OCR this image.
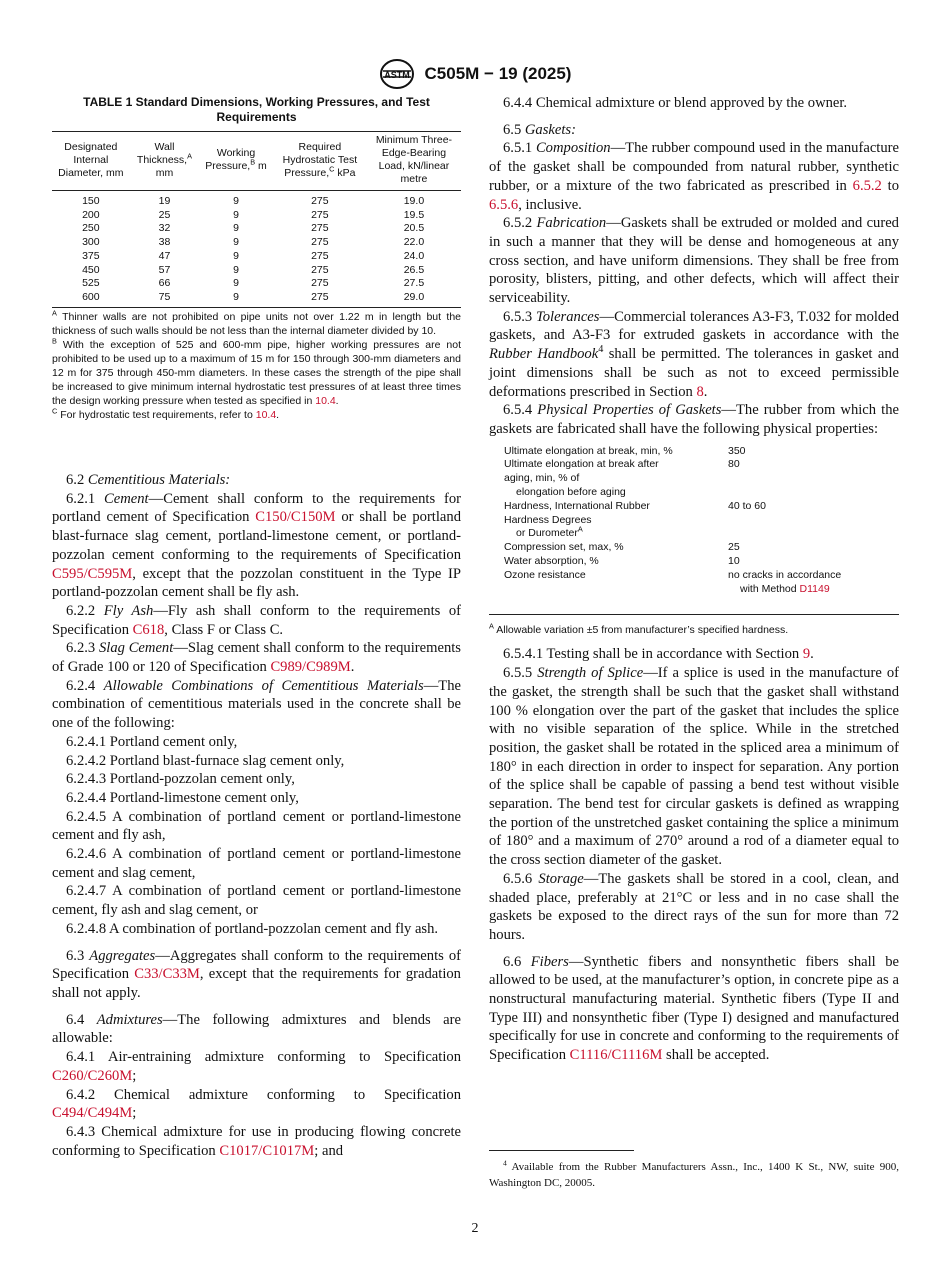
ASTM C505M − 19 (2025)
TABLE 1 Standard Dimensions, Working Pressures, and Test Requirements
Designated Internal Diameter, mm	Wall Thickness,$^A$ mm	Working Pressure,$^B$ m	Required Hydrostatic Test Pressure,$^C$ kPa	Minimum Three-Edge-Bearing Load, kN/linear metre
150	19	9	275	19.0
200	25	9	275	19.5
250	32	9	275	20.5
300	38	9	275	22.0
375	47	9	275	24.0
450	57	9	275	26.5
525	66	9	275	27.5
600	75	9	275	29.0
$^A$ Thinner walls are not prohibited on pipe units not over 1.22 m in length but the thickness of such walls should be not less than the internal diameter divided by 10.
$^B$ With the exception of 525 and 600-mm pipe, higher working pressures are not prohibited to be used up to a maximum of 15 m for 150 through 300-mm diameters and 12 m for 375 through 450-mm diameters. In these cases the strength of the pipe shall be increased to give minimum internal hydrostatic test pressures of at least three times the design working pressure when tested as specified in 10.4.
$^C$ For hydrostatic test requirements, refer to 10.4.

6.2 Cementitious Materials:

6.2.1 Cement—Cement shall conform to the requirements for portland cement of Specification C150/C150M or shall be portland blast-furnace slag cement, portland-limestone cement, or portland-pozzolan cement conforming to the requirements of Specification C595/C595M, except that the pozzolan constituent in the Type IP portland-pozzolan cement shall be fly ash.

6.2.2 Fly Ash—Fly ash shall conform to the requirements of Specification C618, Class F or Class C.

6.2.3 Slag Cement—Slag cement shall conform to the requirements of Grade 100 or 120 of Specification C989/C989M.

6.2.4 Allowable Combinations of Cementitious Materials—The combination of cementitious materials used in the concrete shall be one of the following:

6.2.4.1 Portland cement only,

6.2.4.2 Portland blast-furnace slag cement only,

6.2.4.3 Portland-pozzolan cement only,

6.2.4.4 Portland-limestone cement only,

6.2.4.5 A combination of portland cement or portland-limestone cement and fly ash,

6.2.4.6 A combination of portland cement or portland-limestone cement and slag cement,

6.2.4.7 A combination of portland cement or portland-limestone cement, fly ash and slag cement, or

6.2.4.8 A combination of portland-pozzolan cement and fly ash.

6.3 Aggregates—Aggregates shall conform to the requirements of Specification C33/C33M, except that the requirements for gradation shall not apply.

6.4 Admixtures—The following admixtures and blends are allowable:

6.4.1 Air-entraining admixture conforming to Specification C260/C260M;

6.4.2 Chemical admixture conforming to Specification C494/C494M;

6.4.3 Chemical admixture for use in producing flowing concrete conforming to Specification C1017/C1017M; and

6.4.4 Chemical admixture or blend approved by the owner.

6.5 Gaskets:

6.5.1 Composition—The rubber compound used in the manufacture of the gasket shall be compounded from natural rubber, synthetic rubber, or a mixture of the two fabricated as prescribed in 6.5.2 to 6.5.6, inclusive.

6.5.2 Fabrication—Gaskets shall be extruded or molded and cured in such a manner that they will be dense and homogeneous at any cross section, and have uniform dimensions. They shall be free from porosity, blisters, pitting, and other defects, which will affect their serviceability.

6.5.3 Tolerances—Commercial tolerances A3-F3, T.032 for molded gaskets, and A3-F3 for extruded gaskets in accordance with the Rubber Handbook$^4$ shall be permitted. The tolerances in gasket and joint dimensions shall be such as not to exceed permissible deformations prescribed in Section 8.

6.5.4 Physical Properties of Gaskets—The rubber from which the gaskets are fabricated shall have the following physical properties:

Ultimate elongation at break, min, %	350
Ultimate elongation at break after	80
aging, min, % of
elongation before aging
Hardness, International Rubber	40 to 60
Hardness Degrees
or Durometer$^A$
Compression set, max, %	25
Water absorption, %	10
Ozone resistance	no cracks in accordance
with Method D1149
$^A$ Allowable variation ±5 from manufacturer’s specified hardness.

6.5.4.1 Testing shall be in accordance with Section 9.

6.5.5 Strength of Splice—If a splice is used in the manufacture of the gasket, the strength shall be such that the gasket shall withstand 100 % elongation over the part of the gasket that includes the splice with no visible separation of the splice. While in the stretched position, the gasket shall be rotated in the spliced area a minimum of 180° in each direction in order to inspect for separation. Any portion of the splice shall be capable of passing a bend test without visible separation. The bend test for circular gaskets is defined as wrapping the portion of the unstretched gasket containing the splice a minimum of 180° and a maximum of 270° around a rod of a diameter equal to the cross section diameter of the gasket.

6.5.6 Storage—The gaskets shall be stored in a cool, clean, and shaded place, preferably at 21°C or less and in no case shall the gaskets be exposed to the direct rays of the sun for more than 72 hours.

6.6 Fibers—Synthetic fibers and nonsynthetic fibers shall be allowed to be used, at the manufacturer’s option, in concrete pipe as a nonstructural manufacturing material. Synthetic fibers (Type II and Type III) and nonsynthetic fiber (Type I) designed and manufactured specifically for use in concrete and conforming to the requirements of Specification C1116/C1116M shall be accepted.

$^4$ Available from the Rubber Manufacturers Assn., Inc., 1400 K St., NW, suite 900, Washington DC, 20005.

2
